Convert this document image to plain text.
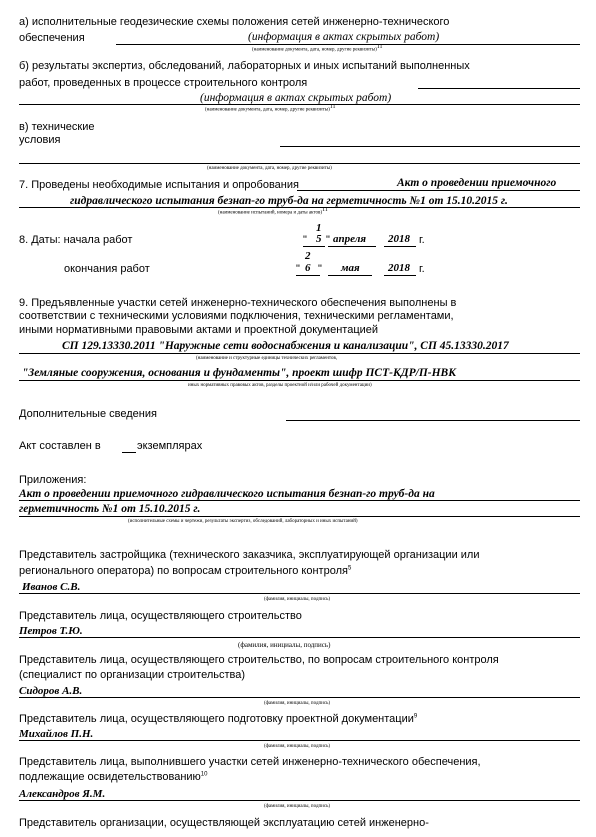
а) исполнительные геодезические схемы положения сетей инженерно-технического
обеспечения	(информация в актах скрытых работ)
(наименование документа, дата, номер, другие реквизиты)$^{11}$
б) результаты экспертиз, обследований, лабораторных и иных испытаний выполненных
работ, проведенных в процессе строительного контроля
(информация в актах скрытых работ)
(наименование документа, дата, номер, другие реквизиты)$^{11}$
в) технические
условия
(наименование документа, дата, номер, другие реквизиты)
7. Проведены необходимые испытания и опробования	Акт о проведении приемочного
гидравлического испытания безнап-го труб-да на герметичность №1 от 15.10.2015 г.
(наименование испытаний, номера и даты актов)$^{11}$
1
8. Даты: начала работ	" 5 " апреля 2018 г.
2
окончания работ	" 6 " мая	2018 г.
9. Предъявленные участки сетей инженерно-технического обеспечения выполнены в
соответствии с техническими условиями подключения, техническими регламентами,
иными нормативными правовыми актами и проектной документацией
СП 129.13330.2011 "Наружные сети водоснабжения и канализации", СП 45.13330.2017
(наименование и структурные единицы технических регламентов,
"Земляные сооружения, основания и фундаменты", проект шифр ПСТ-КДР/П-НВК
иных нормативных правовых актов, разделы проектной и/или рабочей документации)
Дополнительные сведения
Акт составлен в	экземплярах
Приложения:
Акт о проведении приемочного гидравлического испытания безнап-го труб-да на
герметичность №1 от 15.10.2015 г.
(исполнительные схемы и чертежи, результаты экспертиз, обследований, лабораторных и иных испытаний)
Представитель застройщика (технического заказчика, эксплуатирующей организации или
регионального оператора) по вопросам строительного контроля$^5$
Иванов С.В.
(фамилия, инициалы, подпись)
Представитель лица, осуществляющего строительство
Петров Т.Ю.
(фамилия, инициалы, подпись)
Представитель лица, осуществляющего строительство, по вопросам строительного контроля
(специалист по организации строительства)
Сидоров А.В.
(фамилия, инициалы, подпись)
Представитель лица, осуществляющего подготовку проектной документации$^9$
Михайлов П.Н.
(фамилия, инициалы, подпись)
Представитель лица, выполнившего участки сетей инженерно-технического обеспечения,
подлежащие освидетельствованию$^{10}$
Александров Я.М.
(фамилия, инициалы, подпись)
Представитель организации, осуществляющей эксплуатацию сетей инженерно-
